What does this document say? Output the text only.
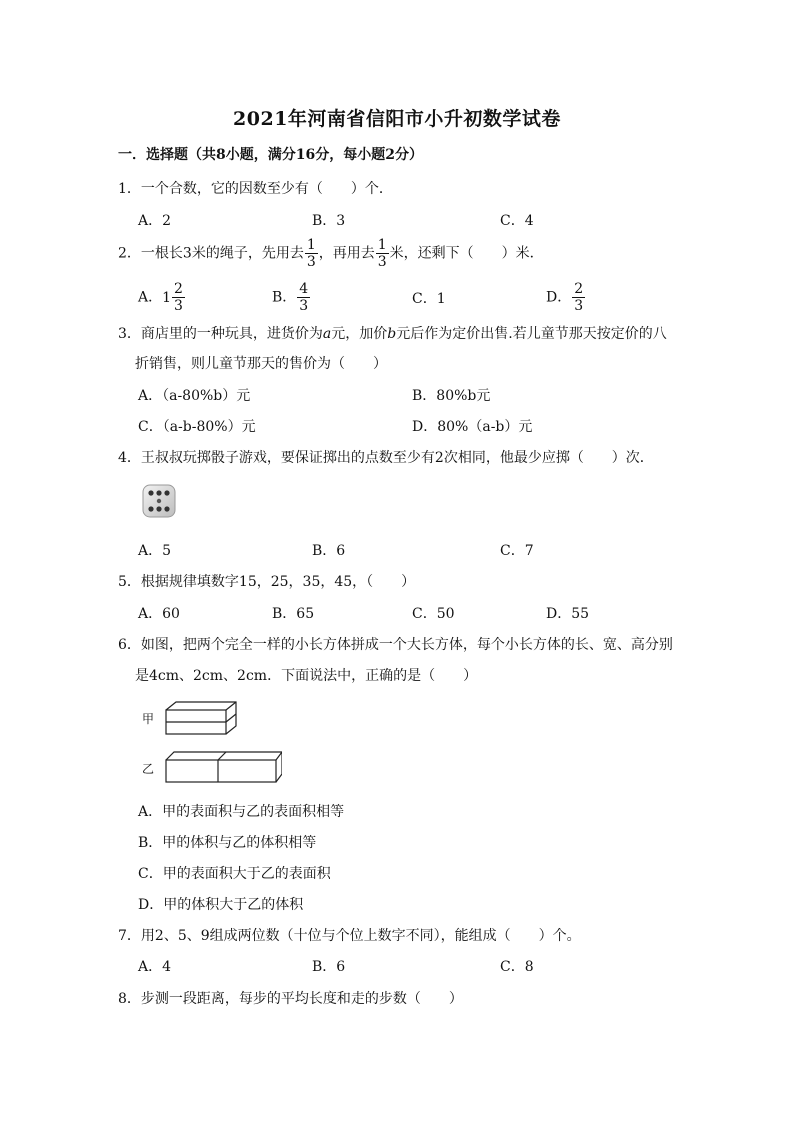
2021年河南省信阳市小升初数学试卷
一．选择题（共8小题，满分16分，每小题2分）
1．一个合数，它的因数至少有（　　）个．
A．2	B．3	C．4
2．一根长3米的绳子，先用去 $\frac{1}{3}$ ，再用去 $\frac{1}{3}$ 米，还剩下（　　）米．
A．$1 \frac{2}{3}$	B． $\frac{4}{3}$	C．1	D． $\frac{2}{3}$
3．商店里的一种玩具，进货价为a元，加价b元后作为定价出售.若儿童节那天按定价的八
折销售，则儿童节那天的售价为（　　）
A．（a-80%b）元	B．80%b元
C．（a-b-80%）元	D．80%（a-b）元
4．王叔叔玩掷骰子游戏，要保证掷出的点数至少有2次相同，他最少应掷（　　）次．
A．5	B．6	C．7
5．根据规律填数字15，25，35，45，（　　）
A．60	B．65	C．50	D．55
6．如图，把两个完全一样的小长方体拼成一个大长方体，每个小长方体的长、宽、高分别
是4cm、2cm、2cm．下面说法中，正确的是（　　）
甲
乙
A．甲的表面积与乙的表面积相等
B．甲的体积与乙的体积相等
C．甲的表面积大于乙的表面积
D．甲的体积大于乙的体积
7．用2、5、9组成两位数（十位与个位上数字不同），能组成（　　）个。
A．4	B．6	C．8
8．步测一段距离，每步的平均长度和走的步数（　　）
